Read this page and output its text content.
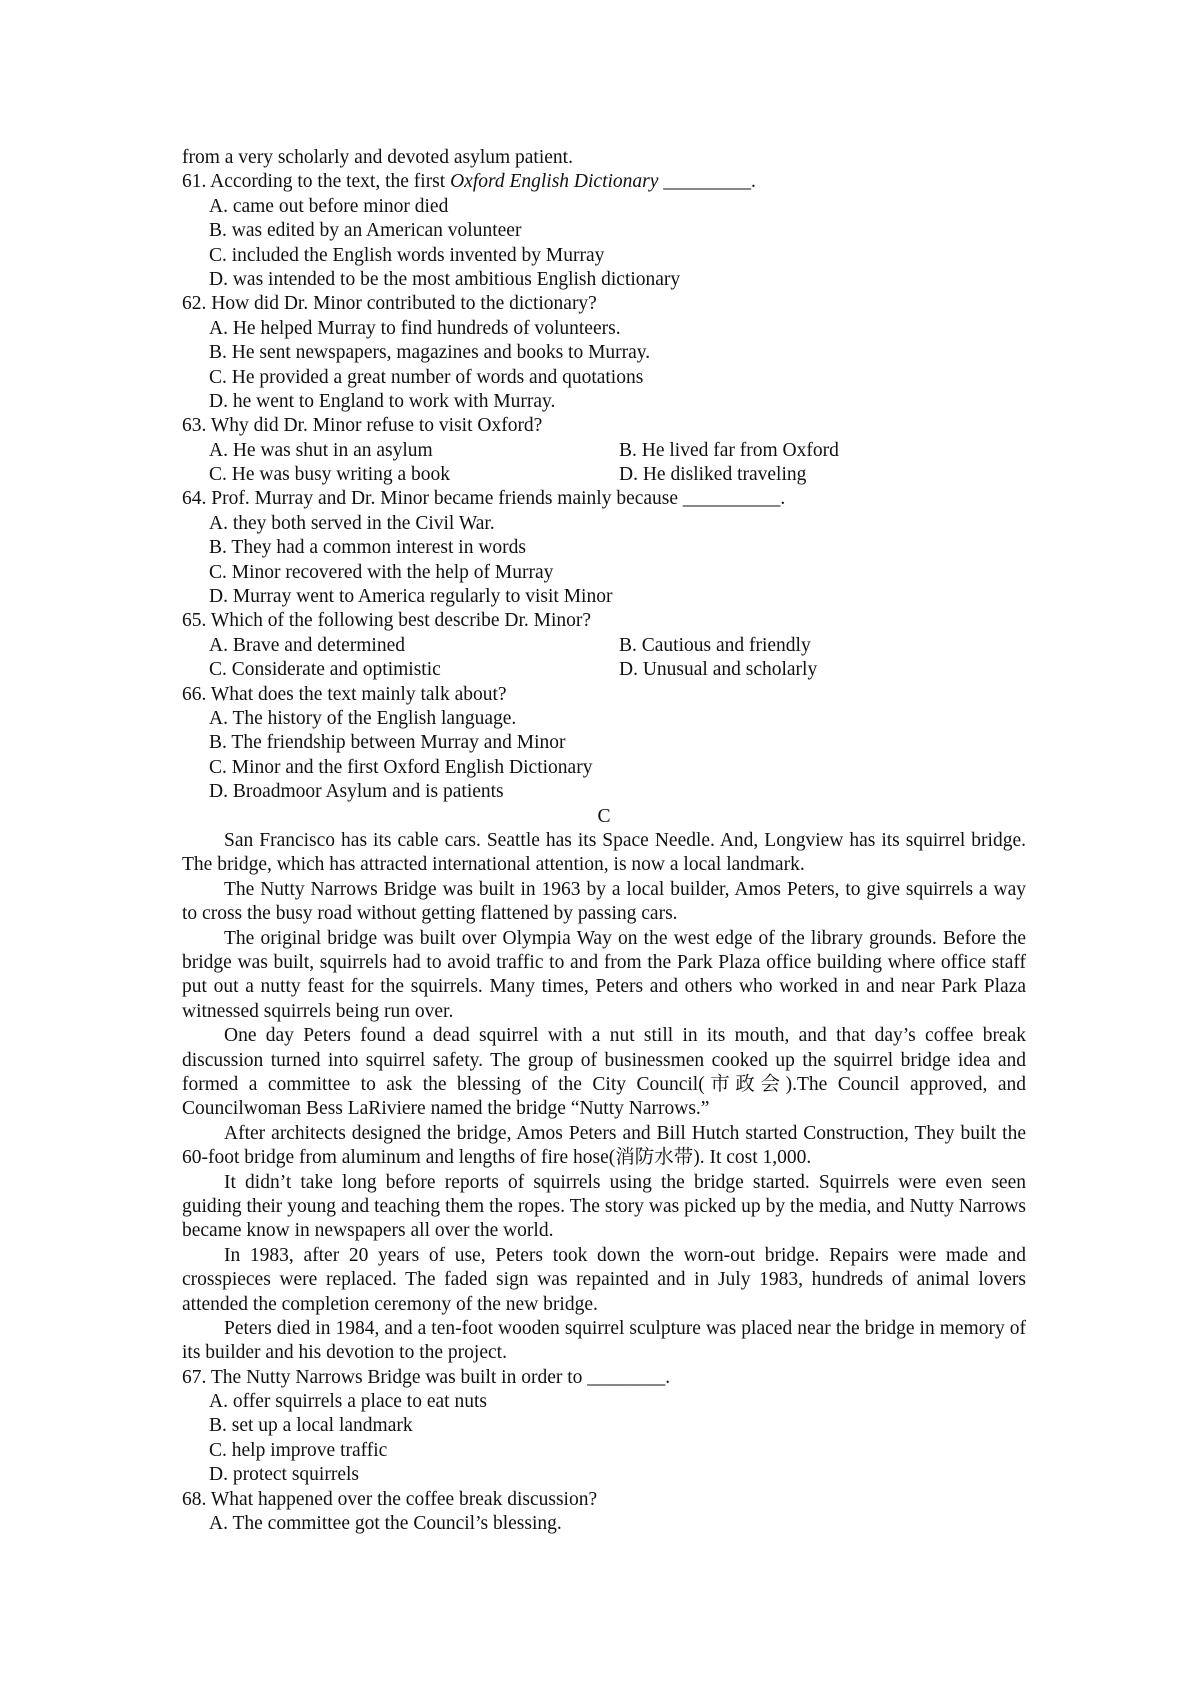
from a very scholarly and devoted asylum patient.
61. According to the text, the first Oxford English Dictionary _________.
A. came out before minor died
B. was edited by an American volunteer
C. included the English words invented by Murray
D. was intended to be the most ambitious English dictionary
62. How did Dr. Minor contributed to the dictionary?
A. He helped Murray to find hundreds of volunteers.
B. He sent newspapers, magazines and books to Murray.
C. He provided a great number of words and quotations
D. he went to England to work with Murray.
63. Why did Dr. Minor refuse to visit Oxford?
A. He was shut in an asylum	B. He lived far from Oxford
C. He was busy writing a book	D. He disliked traveling
64. Prof. Murray and Dr. Minor became friends mainly because __________.
A. they both served in the Civil War.
B. They had a common interest in words
C. Minor recovered with the help of Murray
D. Murray went to America regularly to visit Minor
65. Which of the following best describe Dr. Minor?
A. Brave and determined	B. Cautious and friendly
C. Considerate and optimistic	D. Unusual and scholarly
66. What does the text mainly talk about?
A. The history of the English language.
B. The friendship between Murray and Minor
C. Minor and the first Oxford English Dictionary
D. Broadmoor Asylum and is patients
C
San Francisco has its cable cars. Seattle has its Space Needle. And, Longview has its squirrel bridge. The bridge, which has attracted international attention, is now a local landmark.
The Nutty Narrows Bridge was built in 1963 by a local builder, Amos Peters, to give squirrels a way to cross the busy road without getting flattened by passing cars.
The original bridge was built over Olympia Way on the west edge of the library grounds. Before the bridge was built, squirrels had to avoid traffic to and from the Park Plaza office building where office staff put out a nutty feast for the squirrels. Many times, Peters and others who worked in and near Park Plaza witnessed squirrels being run over.
One day Peters found a dead squirrel with a nut still in its mouth, and that day’s coffee break discussion turned into squirrel safety. The group of businessmen cooked up the squirrel bridge idea and formed a committee to ask the blessing of the City Council(市政会).The Council approved, and Councilwoman Bess LaRiviere named the bridge “Nutty Narrows.”
After architects designed the bridge, Amos Peters and Bill Hutch started Construction, They built the 60-foot bridge from aluminum and lengths of fire hose(消防水带). It cost 1,000.
It didn’t take long before reports of squirrels using the bridge started. Squirrels were even seen guiding their young and teaching them the ropes. The story was picked up by the media, and Nutty Narrows became know in newspapers all over the world.
In 1983, after 20 years of use, Peters took down the worn-out bridge. Repairs were made and crosspieces were replaced. The faded sign was repainted and in July 1983, hundreds of animal lovers attended the completion ceremony of the new bridge.
Peters died in 1984, and a ten-foot wooden squirrel sculpture was placed near the bridge in memory of its builder and his devotion to the project.
67. The Nutty Narrows Bridge was built in order to ________.
A. offer squirrels a place to eat nuts
B. set up a local landmark
C. help improve traffic
D. protect squirrels
68. What happened over the coffee break discussion?
A. The committee got the Council’s blessing.
